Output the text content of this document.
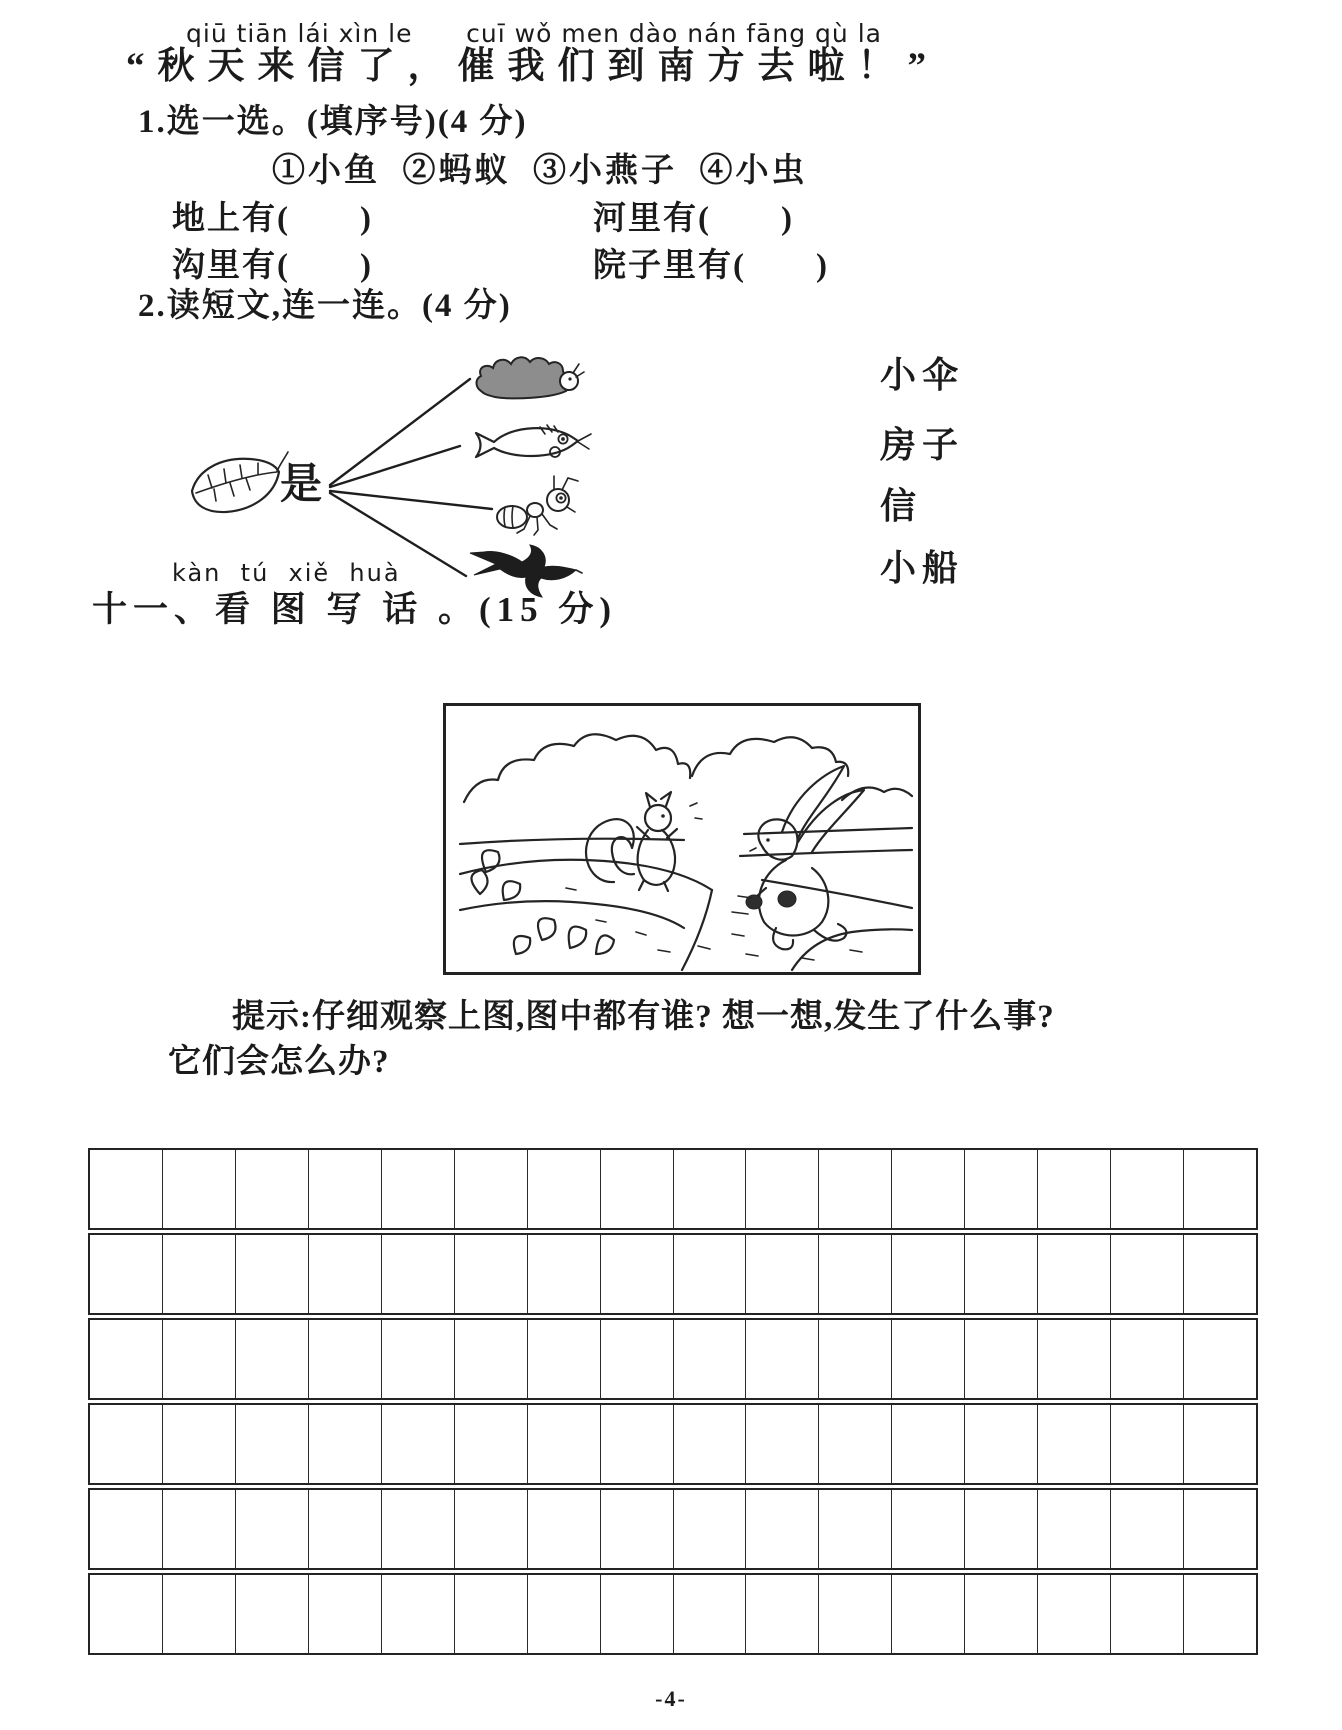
qiū tiān lái xìn le      cuī wǒ men dào nán fāng qù la
“秋天来信了，催我们到南方去啦！”
1.选一选。(填序号)(4 分)
①小鱼  ②蚂蚁  ③小燕子  ④小虫
地上有(　　)	河里有(　　)
沟里有(　　)	院子里有(　　)
2.读短文,连一连。(4 分)
是
小伞
房子
信
小船
kàn  tú  xiě  huà
十一、看 图 写 话 。(15 分)
提示:仔细观察上图,图中都有谁? 想一想,发生了什么事?
它们会怎么办?
-4-
